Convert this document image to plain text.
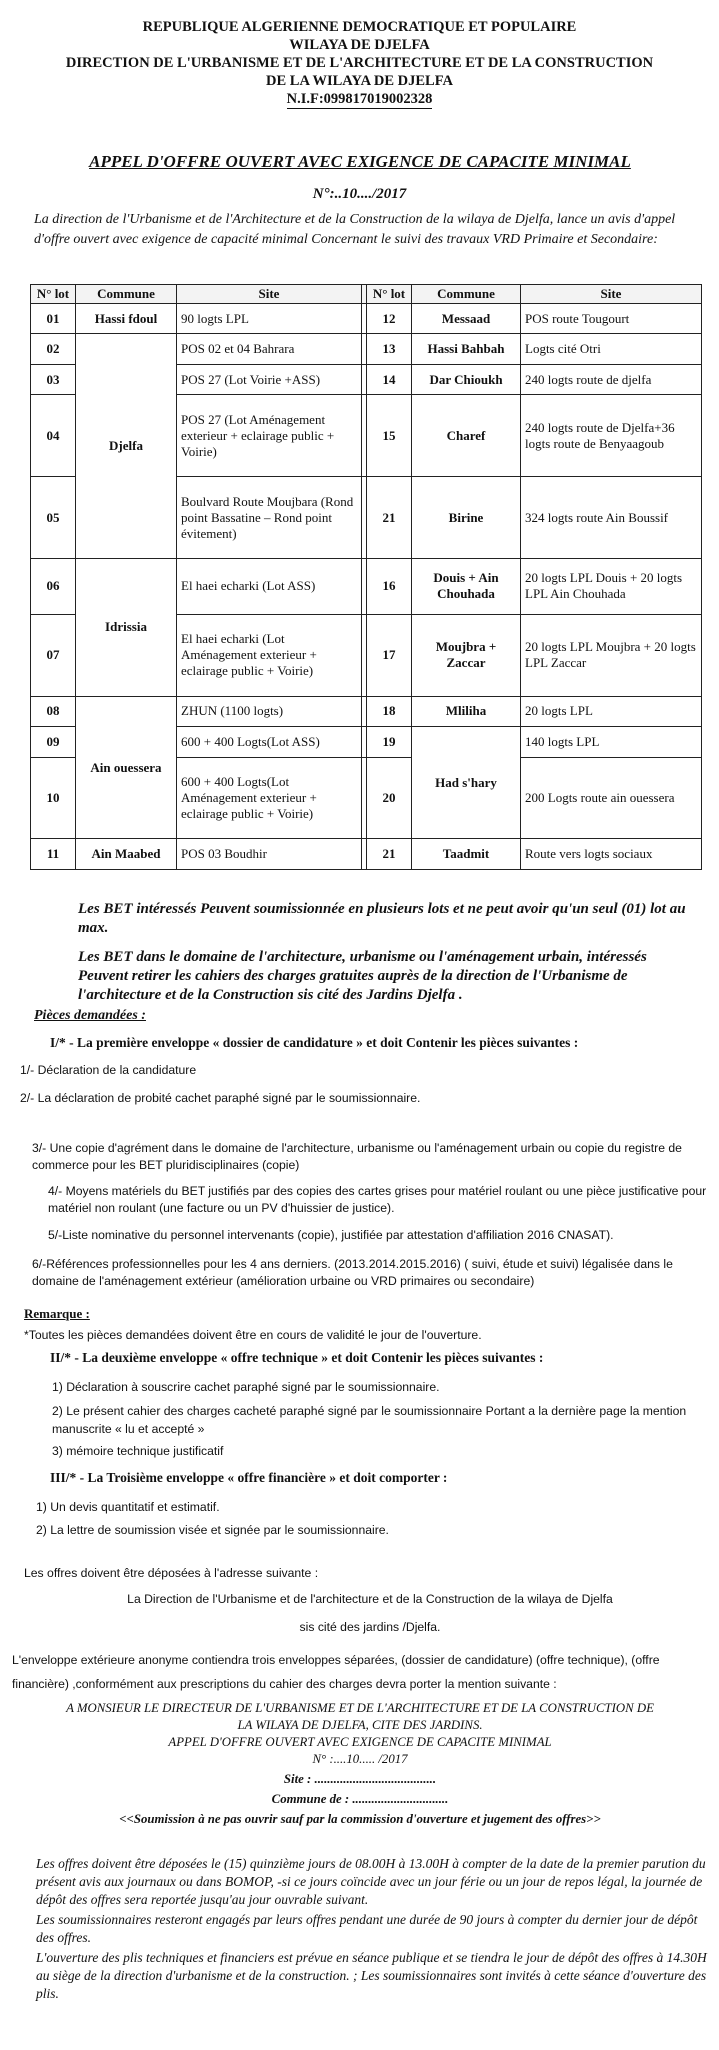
REPUBLIQUE ALGERIENNE DEMOCRATIQUE ET POPULAIRE
WILAYA DE DJELFA
DIRECTION DE L'URBANISME ET DE L'ARCHITECTURE ET DE LA CONSTRUCTION
DE LA WILAYA DE DJELFA
N.I.F:099817019002328
APPEL D'OFFRE OUVERT AVEC EXIGENCE DE CAPACITE MINIMAL
N°:..10..../2017
La direction de l'Urbanisme et de l'Architecture et de la Construction de la wilaya de Djelfa, lance un avis d'appel d'offre ouvert avec exigence de capacité minimal Concernant le suivi des travaux VRD Primaire et Secondaire:
N° lot	Commune	Site		N° lot	Commune	Site
01	Hassi fdoul	90 logts LPL		12	Messaad	POS route Tougourt
02	Djelfa	POS 02 et 04 Bahrara		13	Hassi Bahbah	Logts cité Otri
03		POS 27 (Lot Voirie +ASS)		14	Dar Chioukh	240 logts route de djelfa
04		POS 27 (Lot Aménagement exterieur + eclairage public + Voirie)		15	Charef	240 logts route de Djelfa+36 logts route de Benyaagoub
05		Boulvard Route Moujbara (Rond point Bassatine – Rond point évitement)		21	Birine	324 logts route Ain Boussif
06	Idrissia	El haei echarki (Lot ASS)		16	Douis + Ain Chouhada	20 logts LPL Douis + 20 logts LPL Ain Chouhada
07		El haei echarki (Lot Aménagement exterieur + eclairage public + Voirie)		17	Moujbra + Zaccar	20 logts LPL Moujbra + 20 logts LPL Zaccar
08	Ain ouessera	ZHUN (1100 logts)		18	Mliliha	20 logts LPL
09		600 + 400 Logts(Lot ASS)		19	Had s'hary	140 logts LPL
10		600 + 400 Logts(Lot Aménagement exterieur + eclairage public + Voirie)		20		200 Logts route ain ouessera
11	Ain Maabed	POS 03 Boudhir		21	Taadmit	Route vers logts sociaux
Les BET intéressés Peuvent soumissionnée en plusieurs lots et ne peut avoir qu'un seul (01) lot au max.
Les BET dans le domaine de l'architecture, urbanisme ou l'aménagement urbain, intéressés Peuvent retirer les cahiers des charges gratuites auprès de la direction de l'Urbanisme de l'architecture et de la Construction sis cité des Jardins Djelfa .
Pièces demandées :
I/* - La première enveloppe « dossier de candidature » et doit Contenir les pièces suivantes :
1/- Déclaration de la candidature
2/- La déclaration de probité cachet paraphé signé par le soumissionnaire.
3/- Une copie d'agrément dans le domaine de l'architecture, urbanisme ou l'aménagement urbain ou copie du registre de commerce pour les BET pluridisciplinaires (copie)
4/- Moyens matériels du BET justifiés par des copies des cartes grises pour matériel roulant ou une pièce justificative pour matériel non roulant (une facture ou un PV d'huissier de justice).
5/-Liste nominative du personnel intervenants (copie), justifiée par attestation d'affiliation 2016 CNASAT).
6/-Références professionnelles pour les 4 ans derniers. (2013.2014.2015.2016) ( suivi, étude et suivi) légalisée dans le domaine de l'aménagement extérieur (amélioration urbaine ou VRD primaires ou secondaire)
Remarque :
*Toutes les pièces demandées doivent être en cours de validité le jour de l'ouverture.
II/* - La deuxième enveloppe « offre technique » et doit Contenir les pièces suivantes :
1) Déclaration à souscrire cachet paraphé signé par le soumissionnaire.
2) Le présent cahier des charges cacheté paraphé signé par le soumissionnaire Portant a la dernière page la mention manuscrite « lu et accepté »
3) mémoire technique justificatif
III/* - La Troisième enveloppe « offre financière » et doit comporter :
1) Un devis quantitatif et estimatif.
2) La lettre de soumission visée et signée par le soumissionnaire.
Les offres doivent être déposées à l'adresse suivante :
La Direction de l'Urbanisme et de l'architecture et de la Construction de la wilaya de Djelfa
sis cité des jardins /Djelfa.
L'enveloppe extérieure anonyme contiendra trois enveloppes séparées, (dossier de candidature) (offre technique), (offre financière) ,conformément aux prescriptions du cahier des charges devra porter la mention suivante :
A MONSIEUR LE DIRECTEUR DE L'URBANISME ET DE L'ARCHITECTURE ET DE LA CONSTRUCTION DE
LA WILAYA DE DJELFA, CITE DES JARDINS.
APPEL D'OFFRE OUVERT AVEC EXIGENCE DE CAPACITE MINIMAL
N° :....10..... /2017
Site : ......................................
Commune de : ..............................
<<Soumission à ne pas ouvrir sauf par la commission d'ouverture et jugement des offres>>
Les offres doivent être déposées le (15) quinzième jours de 08.00H à 13.00H à compter de la date de la premier parution du présent avis aux journaux ou dans BOMOP, -si ce jours coïncide avec un jour férie ou un jour de repos légal, la journée de dépôt des offres sera reportée jusqu'au jour ouvrable suivant.
Les soumissionnaires resteront engagés par leurs offres pendant une durée de 90 jours à compter du dernier jour de dépôt des offres.
L'ouverture des plis techniques et financiers est prévue en séance publique et se tiendra le jour de dépôt des offres à 14.30H au siège de la direction d'urbanisme et de la construction. ; Les soumissionnaires sont invités à cette séance d'ouverture des plis.
